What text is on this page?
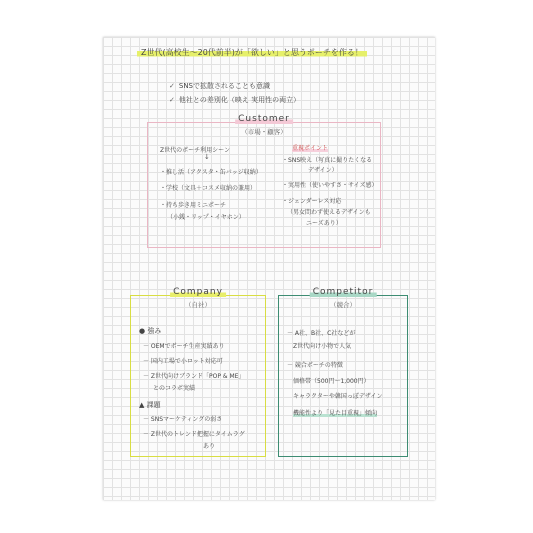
Z世代(高校生〜20代前半)が「欲しい」と思うポーチを作る！
✓ SNSで拡散されることも意識
✓ 他社との差別化（映え 実用性の両立）
Customer
（市場・顧客）
Z世代のポーチ利用シーン
↓
・推し活（アクスタ・缶バッジ収納）
・学校（文具＋コスメ収納の兼用）
・持ち歩き用ミニポーチ
（小銭・リップ・イヤホン）
重視ポイント
・SNS映え（写真に撮りたくなる
デザイン）
・実用性（使いやすさ・サイズ感）
・ジェンダーレス対応
（男女問わず使えるデザインも
ニーズあり）
Company
（自社）
● 強み
－ OEMでポーチ生産実績あり
－ 国内工場で小ロット対応可
－ Z世代向けブランド「POP & ME」
とのコラボ実績
▲ 課題
－ SNSマーケティングの弱さ
－ Z世代のトレンド把握にタイムラグ
あり
Competitor
（競合）
－ A社、B社、C社などが
Z世代向け小物で人気
－ 競合ポーチの特徴
価格帯（500円〜1,000円）
キャラクターや韓国っぽデザイン
機能性より「見た目重視」傾向
